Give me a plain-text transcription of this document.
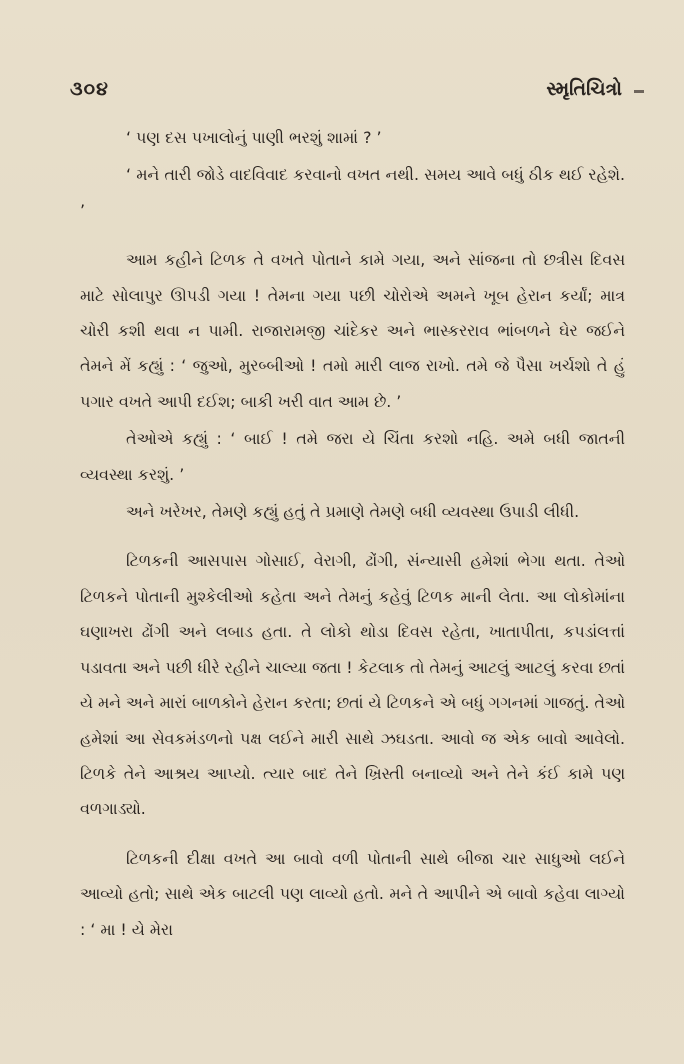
૩૦૪	સ્મૃતિચિત્રો

‘ પણ દસ પખાલોનું પાણી ભરશું શામાં ? ’

‘ મને તારી જોડે વાદવિવાદ કરવાનો વખત નથી. સમય આવે બધું ઠીક થઈ રહેશે. ’

આમ કહીને ટિળક તે વખતે પોતાને કામે ગયા, અને સાંજના તો છત્રીસ દિવસ માટે સોલાપુર ઊપડી ગયા ! તેમના ગયા પછી ચોરોએ અમને ખૂબ હેરાન કર્યાં; માત્ર ચોરી કશી થવા ન પામી. રાજારામજી ચાંદેકર અને ભાસ્કરરાવ ભાંબળને ઘેર જઈને તેમને મેં કહ્યું : ‘ જુઓ, મુરબ્બીઓ ! તમો મારી લાજ રાખો. તમે જે પૈસા ખર્ચશો તે હું પગાર વખતે આપી દઈશ; બાકી ખરી વાત આમ છે. ’

તેઓએ કહ્યું : ‘ બાઈ ! તમે જરા યે ચિંતા કરશો નહિ. અમે બધી જાતની વ્યવસ્થા કરશું. ’

અને ખરેખર, તેમણે કહ્યું હતું તે પ્રમાણે તેમણે બધી વ્યવસ્થા ઉપાડી લીધી.

ટિળકની આસપાસ ગોસાઈ, વેરાગી, ઢોંગી, સંન્યાસી હમેશાં ભેગા થતા. તેઓ ટિળકને પોતાની મુશ્કેલીઓ કહેતા અને તેમનું કહેવું ટિળક માની લેતા. આ લોકોમાંના ઘણાખરા ઢોંગી અને લબાડ હતા. તે લોકો થોડા દિવસ રહેતા, ખાતાપીતા, કપડાંલત્તાં પડાવતા અને પછી ધીરે રહીને ચાલ્યા જતા ! કેટલાક તો તેમનું આટલું આટલું કરવા છતાં યે મને અને મારાં બાળકોને હેરાન કરતા; છતાં યે ટિળકને એ બધું ગગનમાં ગાજતું. તેઓ હમેશાં આ સેવકમંડળનો પક્ષ લઈને મારી સાથે ઝઘડતા. આવો જ એક બાવો આવેલો. ટિળકે તેને આશ્રય આપ્યો. ત્યાર બાદ તેને ખ્રિસ્તી બનાવ્યો અને તેને કંઈ કામે પણ વળગાડ્યો.

ટિળકની દીક્ષા વખતે આ બાવો વળી પોતાની સાથે બીજા ચાર સાધુઓ લઈને આવ્યો હતો; સાથે એક બાટલી પણ લાવ્યો હતો. મને તે આપીને એ બાવો કહેવા લાગ્યો : ‘ મા ! યે મેરા
